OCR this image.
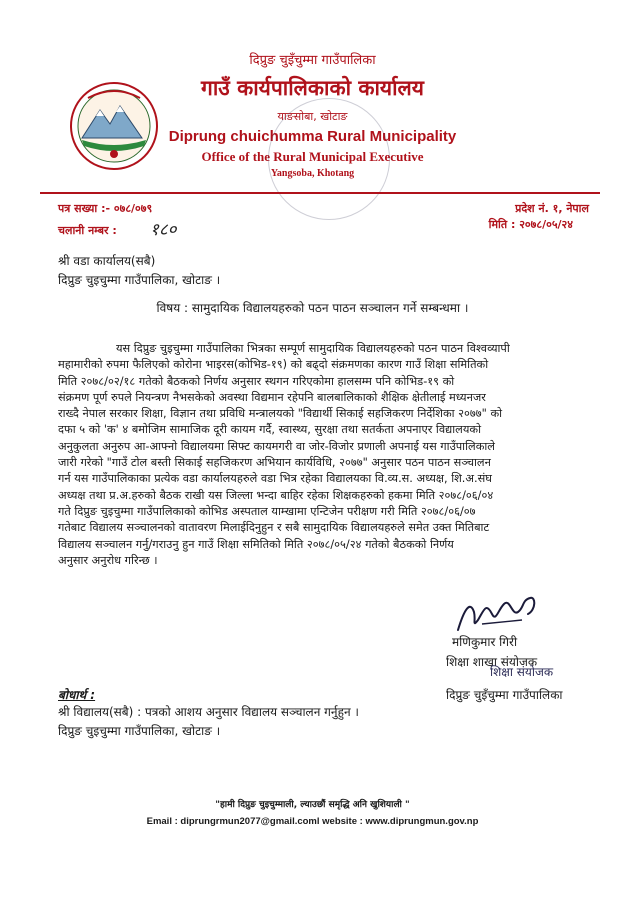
दिप्रुङ चुइँचुम्मा गाउँपालिका
गाउँ कार्यपालिकाको कार्यालय
याङसोबा, खोटाङ
Diprung chuichumma Rural Municipality
Office of the Rural Municipal Executive
Yangsoba, Khotang
पत्र सख्या :- ०७८/०७९	प्रदेश नं. १, नेपाल
चलानी नम्बर : १८०	मिति : २०७८/०५/२४
श्री वडा कार्यालय(सबै)
दिप्रुङ चुइचुम्मा गाउँपालिका, खोटाङ ।
विषय : सामुदायिक विद्यालयहरुको पठन पाठन सञ्चालन गर्ने सम्बन्धमा ।
यस दिप्रुङ चुइचुम्मा गाउँपालिका भित्रका सम्पूर्ण सामुदायिक विद्यालयहरुको पठन पाठन विश्वव्यापी
महामारीको रुपमा फैलिएको कोरोना भाइरस(कोभिड-१९) को बढ्दो संक्रमणका कारण गाउँ शिक्षा समितिको
मिति २०७८/०२/१८ गतेको बैठकको निर्णय अनुसार स्थगन गरिएकोमा हालसम्म पनि कोभिड-१९ को
संक्रमण पूर्ण रुपले नियन्त्रण नैभसकेको अवस्था विद्यमान रहेपनि बालबालिकाको शैक्षिक क्षेतीलाई मध्यनजर
राख्दै नेपाल सरकार शिक्षा, विज्ञान तथा प्रविधि मन्त्रालयको "विद्यार्थी सिकाई सहजिकरण निर्देशिका २०७७" को
दफा ५ को 'क' ४ बमोजिम सामाजिक दूरी कायम गर्दै, स्वास्थ्य, सुरक्षा तथा सतर्कता अपनाएर विद्यालयको
अनुकुलता अनुरुप आ-आफ्नो विद्यालयमा सिफ्ट कायमगरी वा जोर-विजोर प्रणाली अपनाई यस गाउँपालिकाले
जारी गरेको "गाउँ टोल बस्ती सिकाई सहजिकरण अभियान कार्यविधि, २०७७" अनुसार पठन पाठन सञ्चालन
गर्न यस गाउँपालिकाका प्रत्येक वडा कार्यालयहरुले वडा भित्र रहेका विद्यालयका वि.व्य.स. अध्यक्ष, शि.अ.संघ
अध्यक्ष तथा प्र.अ.हरुको बैठक राखी यस जिल्ला भन्दा बाहिर रहेका शिक्षकहरुको हकमा मिति २०७८/०६/०४
गते दिप्रुङ चुइचुम्मा गाउँपालिकाको कोभिड अस्पताल याम्खामा एन्टिजेन परीक्षण गरी मिति २०७८/०६/०७
गतेबाट विद्यालय सञ्चालनको वातावरण मिलाईदिनुहुन र सबै सामुदायिक विद्यालयहरुले समेत उक्त मितिबाट
विद्यालय सञ्चालन गर्नु/गराउनु हुन गाउँ शिक्षा समितिको मिति २०७८/०५/२४ गतेको बैठकको निर्णय
अनुसार अनुरोध गरिन्छ ।
मणिकुमार गिरी
शिक्षा शाखा संयोजक
शिक्षा संयोजक
दिप्रुङ चुइँचुम्मा गाउँपालिका
बोधार्थ :
श्री विद्यालय(सबै) : पत्रको आशय अनुसार विद्यालय सञ्चालन गर्नुहुन ।
दिप्रुङ चुइचुम्मा गाउँपालिका, खोटाङ ।
"हामी दिप्रुङ चुइचुम्माली, ल्याउछौं समृद्धि अनि खुशियाली "
Email : diprungrmun2077@gmail.coml website : www.diprungmun.gov.np
